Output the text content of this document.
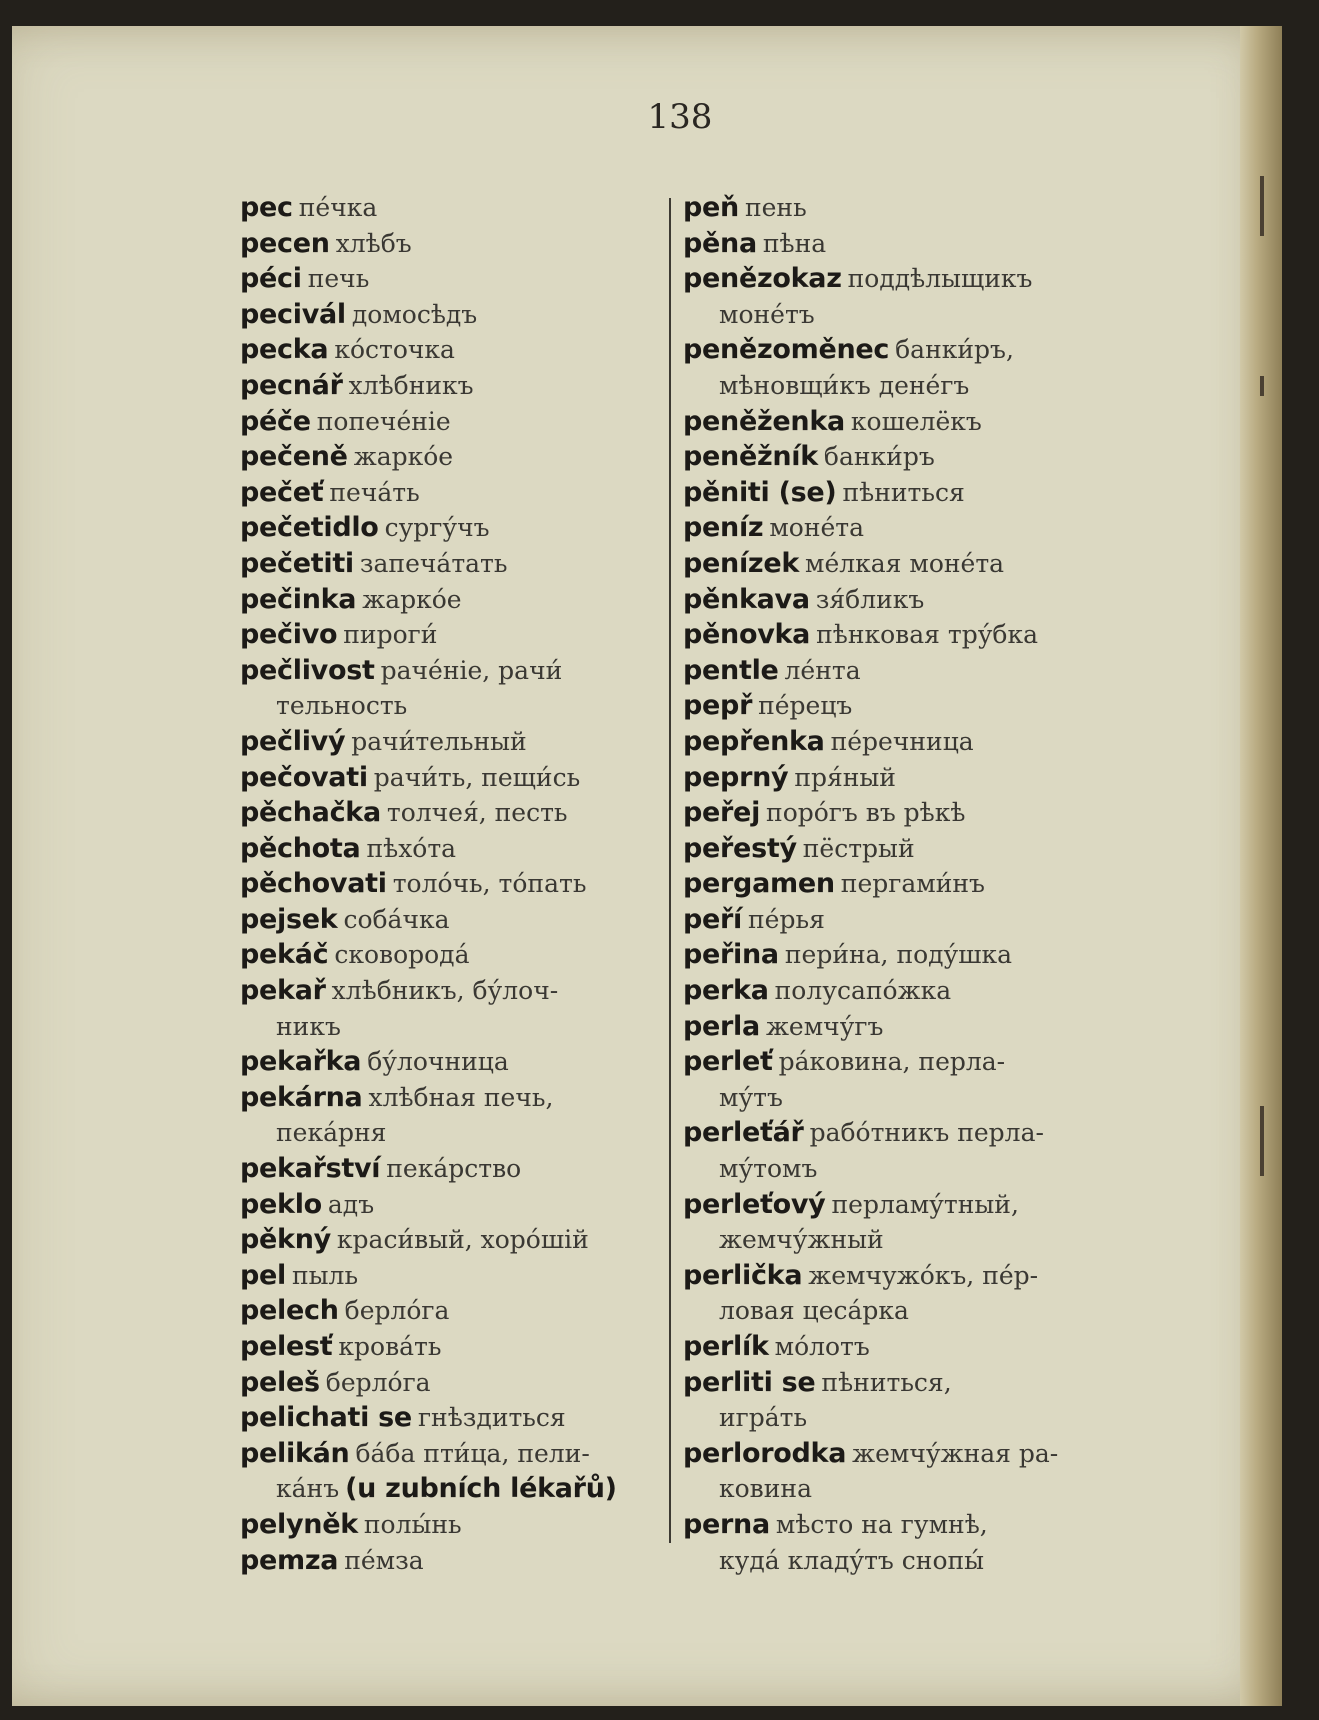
138
pec пе́чка
pecen хлѣбъ
péci печь
pecivál домосѣдъ
pecka ко́сточка
pecnář хлѣбникъ
péče попече́ніе
pečeně жарко́е
pečeť печа́ть
pečetidlo сургу́чъ
pečetiti запеча́тать
pečinka жарко́е
pečivo пироги́
pečlivost раче́ніе, рачи́
тельность
pečlivý рачи́тельный
pečovati рачи́ть, пещи́сь
pěchačka толчея́, песть
pěchota пѣхо́та
pěchovati толо́чь, то́пать
pejsek соба́чка
pekáč сковорода́
pekař хлѣбникъ, бу́лоч-
никъ
pekařka бу́лочница
pekárna хлѣбная печь,
пека́рня
pekařství пека́рство
peklo адъ
pěkný краси́вый, хоро́шій
pel пыль
pelech берло́га
pelesť крова́ть
peleš берло́га
pelichati se гнѣздиться
pelikán ба́ба пти́ца, пели-
ка́нъ (u zubních lékařů)
pelyněk полы́нь
pemza пе́мза
peň пень
pěna пѣна
penězokaz поддѣлыщикъ
моне́тъ
penězoměnec банки́ръ,
мѣновщи́къ дене́гъ
peněženka кошелёкъ
peněžník банки́ръ
pěniti (se) пѣниться
peníz моне́та
penízek ме́лкая моне́та
pěnkava зя́бликъ
pěnovka пѣнковая тру́бка
pentle ле́нта
pepř пе́рецъ
pepřenka пе́речница
peprný пря́ный
peřej поро́гъ въ рѣкѣ
peřestý пёстрый
pergamen пергами́нъ
peří пе́рья
peřina пери́на, поду́шка
perka полусапо́жка
perla жемчу́гъ
perleť ра́ковина, перла-
му́тъ
perleťář рабо́тникъ перла-
му́томъ
perleťový перламу́тный,
жемчу́жный
perlička жемчужо́къ, пе́р-
ловая цеса́рка
perlík мо́лотъ
perliti se пѣниться,
игра́ть
perlorodka жемчу́жная ра-
ковина
perna мѣсто на гумнѣ,
куда́ кладу́тъ снопы́
